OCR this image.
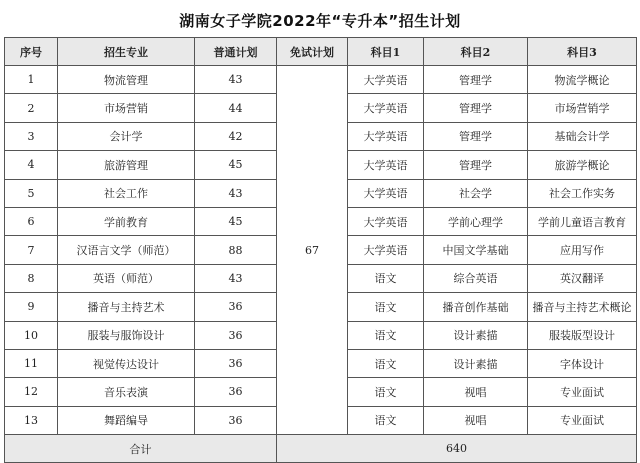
湖南女子学院2022年“专升本”招生计划
序号	招生专业	普通计划	免试计划	科目1	科目2	科目3
1	物流管理	43	67	大学英语	管理学	物流学概论
2	市场营销	44		大学英语	管理学	市场营销学
3	会计学	42		大学英语	管理学	基础会计学
4	旅游管理	45		大学英语	管理学	旅游学概论
5	社会工作	43		大学英语	社会学	社会工作实务
6	学前教育	45		大学英语	学前心理学	学前儿童语言教育
7	汉语言文学（师范）	88		大学英语	中国文学基础	应用写作
8	英语（师范）	43		语文	综合英语	英汉翻译
9	播音与主持艺术	36		语文	播音创作基础	播音与主持艺术概论
10	服装与服饰设计	36		语文	设计素描	服装版型设计
11	视觉传达设计	36		语文	设计素描	字体设计
12	音乐表演	36		语文	视唱	专业面试
13	舞蹈编导	36		语文	视唱	专业面试
合计			640			
